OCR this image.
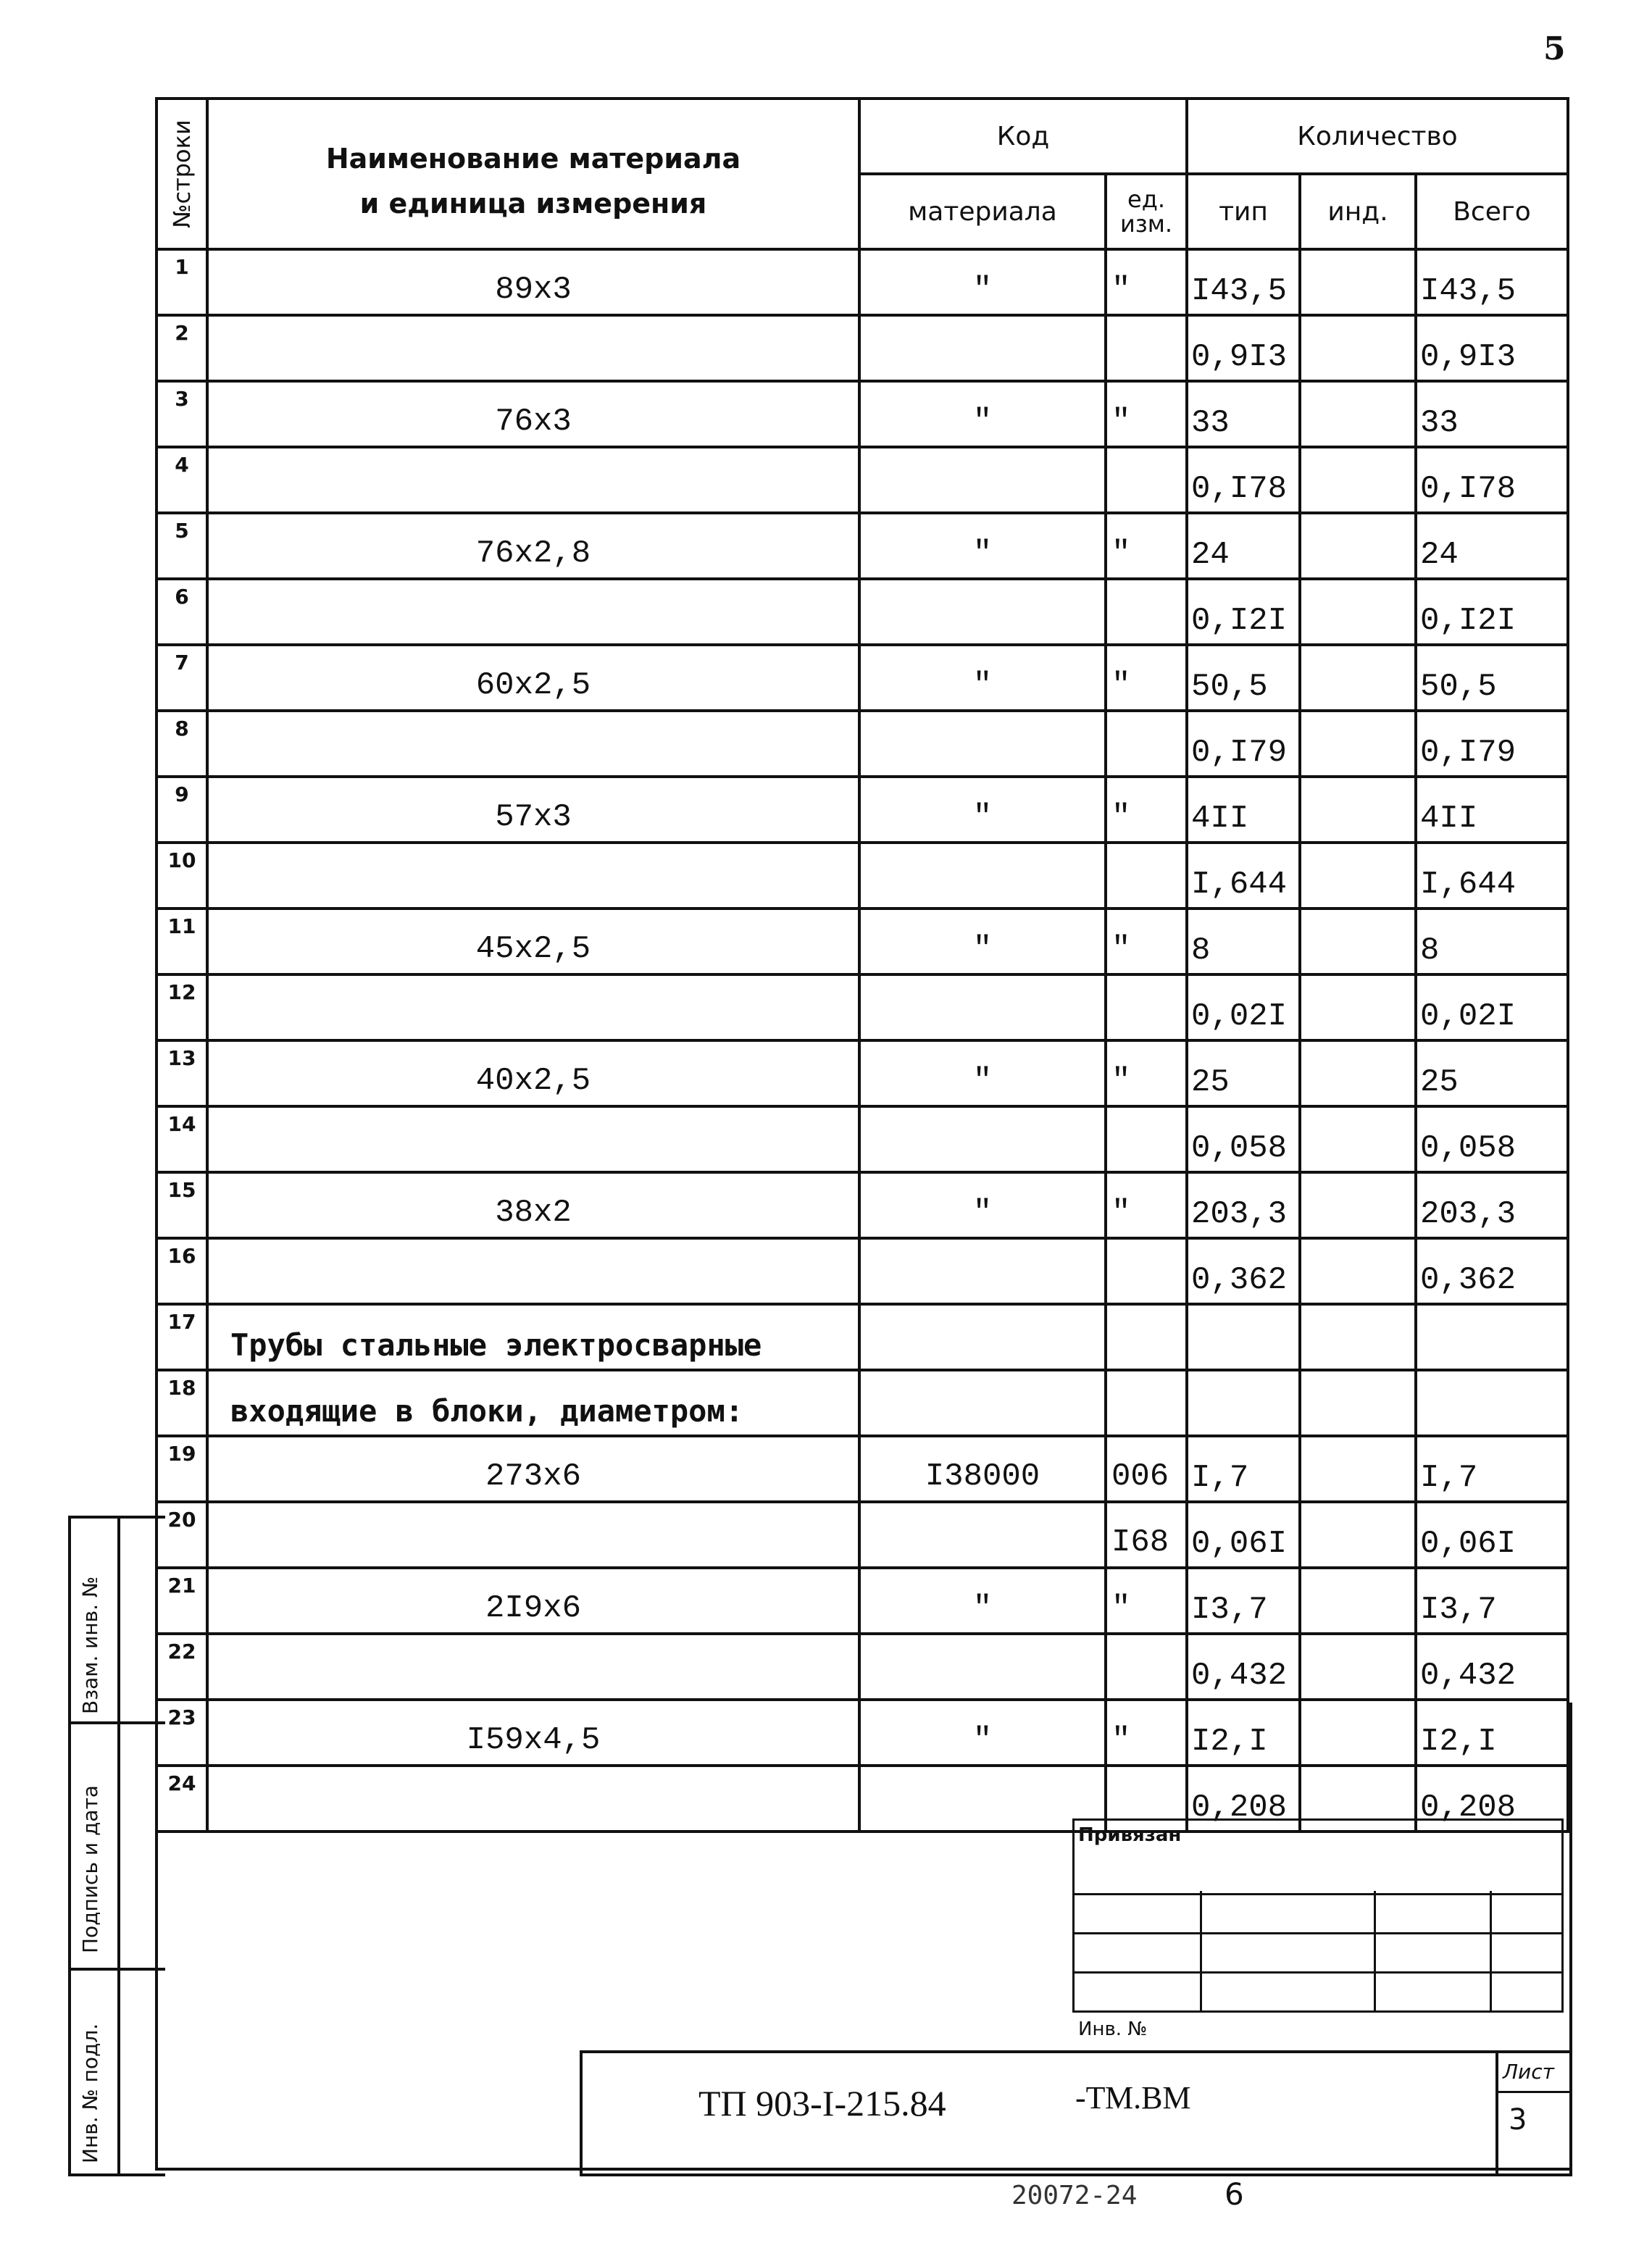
5
№строки	Наименование материала
и единица измерения	Код		Количество		
		материала	ед.
изм.	тип	инд.	Всего
1	89x3	"	"	I43,5		I43,5
2				0,9I3		0,9I3
3	76x3	"	"	33		33
4				0,I78		0,I78
5	76x2,8	"	"	24		24
6				0,I2I		0,I2I
7	60x2,5	"	"	50,5		50,5
8				0,I79		0,I79
9	57x3	"	"	4II		4II
10				I,644		I,644
11	45x2,5	"	"	8		8
12				0,02I		0,02I
13	40x2,5	"	"	25		25
14				0,058		0,058
15	38x2	"	"	203,3		203,3
16				0,362		0,362
17	Трубы стальные электросварные					
18	входящие в блоки, диаметром:					
19	273x6	I38000	006	I,7		I,7
20			I68	0,06I		0,06I
21	2I9x6	"	"	I3,7		I3,7
22				0,432		0,432
23	I59x4,5	"	"	I2,I		I2,I
24				0,208		0,208
Взам. инв. №
Подпись и дата
Инв. № подл.
Привязан
Инв. №
ТП 903-I-215.84	-ТМ.ВМ
Лист
3
20072-24	6
